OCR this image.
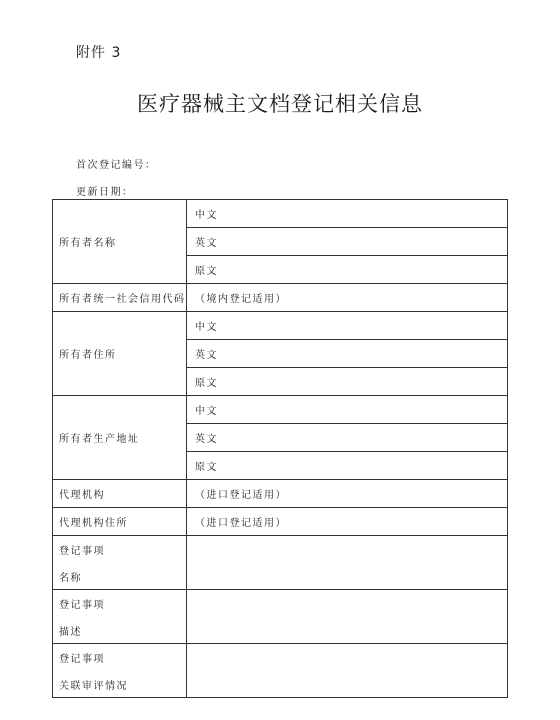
附件 3
医疗器械主文档登记相关信息
首次登记编号：
更新日期：
所有者名称	中文
	英文
	原文
所有者统一社会信用代码	（境内登记适用）
所有者住所	中文
	英文
	原文
所有者生产地址	中文
	英文
	原文
代理机构	（进口登记适用）
代理机构住所	（进口登记适用）

登记事项
名称	

登记事项
描述	

登记事项
关联审评情况	
